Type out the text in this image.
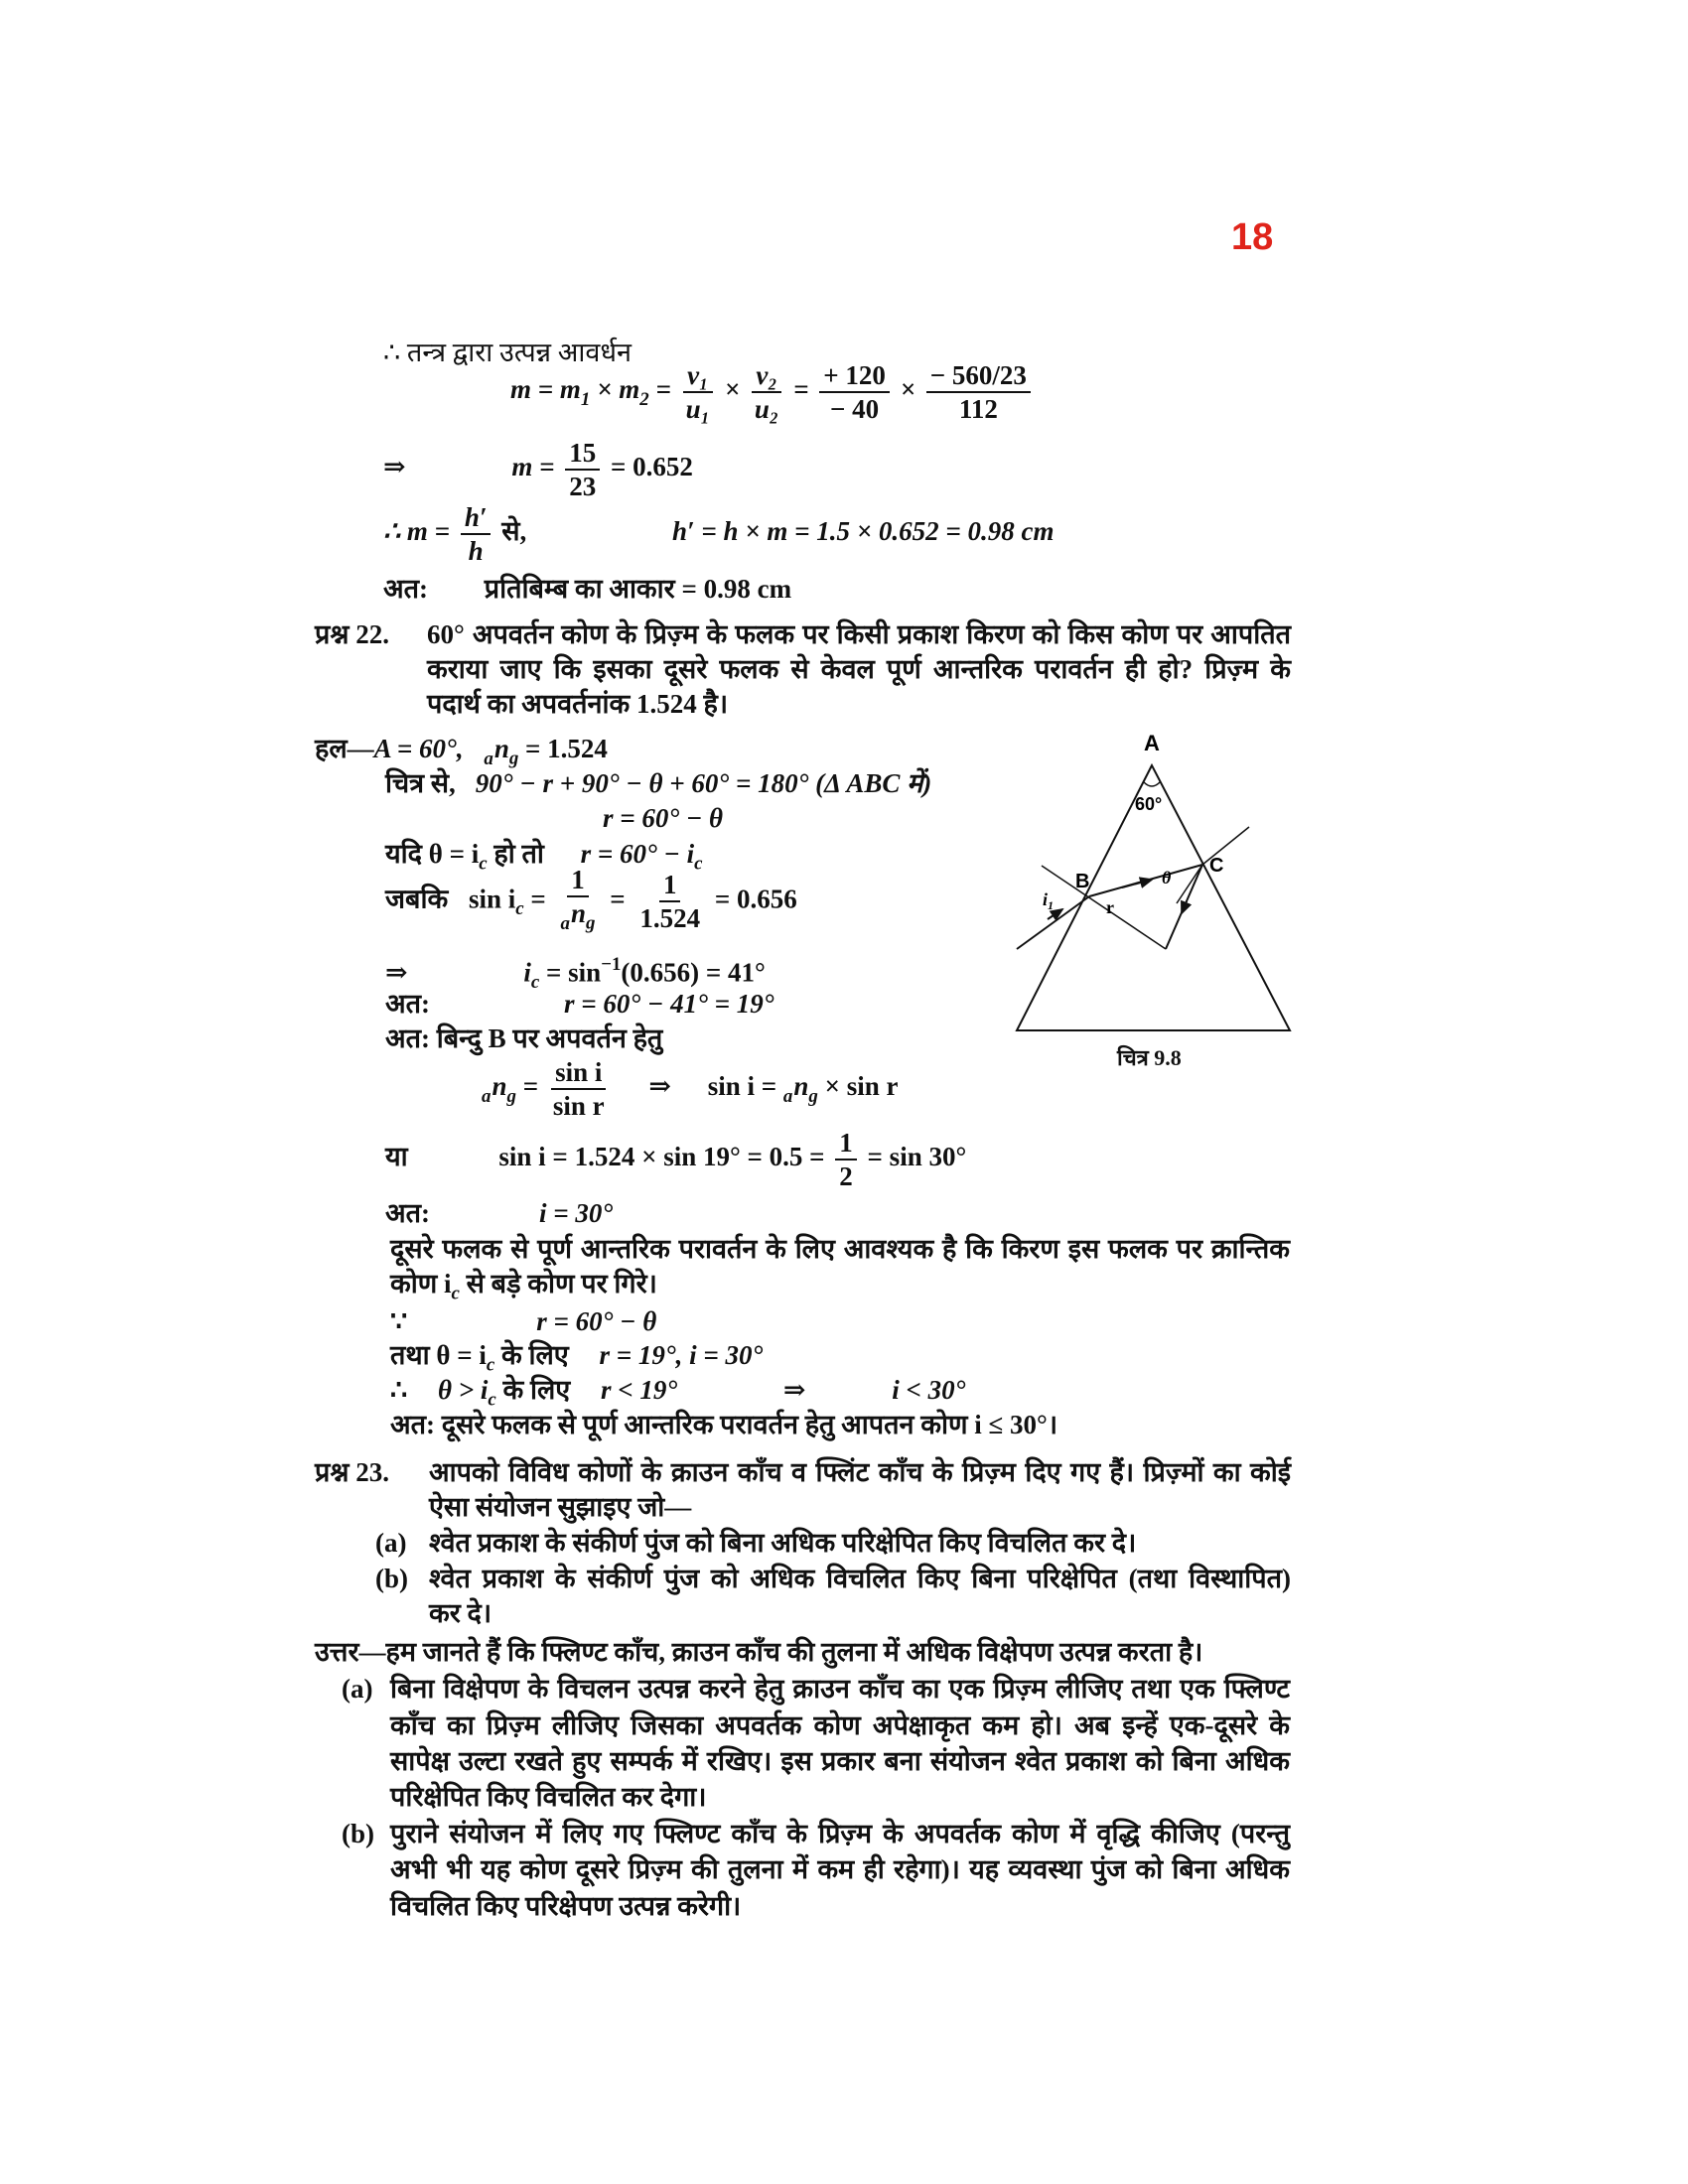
18
∴ तन्त्र द्वारा उत्पन्न आवर्धन
$m = m_1 \times m_2 = \frac{\text{v₁}}{\text{u₁}} \times \frac{\text{v₂}}{\text{u₂}} = \frac{+ 120}{- 40} \times \frac{- 560/23}{112}$
⇒	$m = \frac{15}{23} = 0.652$
∴ $m = \frac{h'}{h}$ से,	h′ = h × m = 1.5 × 0.652 = 0.98 cm
अत: प्रतिबिम्ब का आकार = 0.98 cm
प्रश्न 22. 60° अपवर्तन कोण के प्रिज़्म के फलक पर किसी प्रकाश किरण को किस कोण पर आपतित
कराया जाए कि इसका दूसरे फलक से केवल पूर्ण आन्तरिक परावर्तन ही हो? प्रिज़्म के
पदार्थ का अपवर्तनांक 1.524 है।
हल—A = 60°, $_an_g = 1.524$
चित्र से, 90° − r + 90° − θ + 60° = 180° (Δ ABC में)
r = 60° − θ
यदि $\theta = i_c$ हो तो $r = 60^\circ - i_c$
जबकि $\sin i_c = \frac{1}{_an_g} = \frac{1}{1.524} = 0.656$
⇒	$i_c = \sin^{-1}(0.656) = 41^\circ$
अत:	r = 60° − 41° = 19°
अत: बिन्दु B पर अपवर्तन हेतु
$_an_g = \frac{\text{sin i}}{\text{sin r}}$ ⇒ $\sin i = _an_g \times \sin r$
या	$\sin i = 1.524 \times \sin 19^\circ = 0.5 = \frac{1}{2} = \sin 30^\circ$
अत:	i = 30°
दूसरे फलक से पूर्ण आन्तरिक परावर्तन के लिए आवश्यक है कि किरण इस फलक पर क्रान्तिक
कोण $i_c$ से बड़े कोण पर गिरे।
∵	r = 60° − θ
तथा $\theta = i_c$ के लिए r = 19°, i = 30°
∴ $\theta > i_c$ के लिए r < 19°	⇒	i < 30°
अत: दूसरे फलक से पूर्ण आन्तरिक परावर्तन हेतु आपतन कोण i ≤ 30°।
A
60°
B
C
$i_1$	r
θ
चित्र 9.8
प्रश्न 23. आपको विविध कोणों के क्राउन काँच व फ्लिंट काँच के प्रिज़्म दिए गए हैं। प्रिज़्मों का कोई
ऐसा संयोजन सुझाइए जो—
(a) श्वेत प्रकाश के संकीर्ण पुंज को बिना अधिक परिक्षेपित किए विचलित कर दे।
(b) श्वेत प्रकाश के संकीर्ण पुंज को अधिक विचलित किए बिना परिक्षेपित (तथा विस्थापित)
कर दे।
उत्तर—हम जानते हैं कि फ्लिण्ट काँच, क्राउन काँच की तुलना में अधिक विक्षेपण उत्पन्न करता है।
(a) बिना विक्षेपण के विचलन उत्पन्न करने हेतु क्राउन काँच का एक प्रिज़्म लीजिए तथा एक फ्लिण्ट
काँच का प्रिज़्म लीजिए जिसका अपवर्तक कोण अपेक्षाकृत कम हो। अब इन्हें एक-दूसरे के
सापेक्ष उल्टा रखते हुए सम्पर्क में रखिए। इस प्रकार बना संयोजन श्वेत प्रकाश को बिना अधिक
परिक्षेपित किए विचलित कर देगा।
(b) पुराने संयोजन में लिए गए फ्लिण्ट काँच के प्रिज़्म के अपवर्तक कोण में वृद्धि कीजिए (परन्तु
अभी भी यह कोण दूसरे प्रिज़्म की तुलना में कम ही रहेगा)। यह व्यवस्था पुंज को बिना अधिक
विचलित किए परिक्षेपण उत्पन्न करेगी।
